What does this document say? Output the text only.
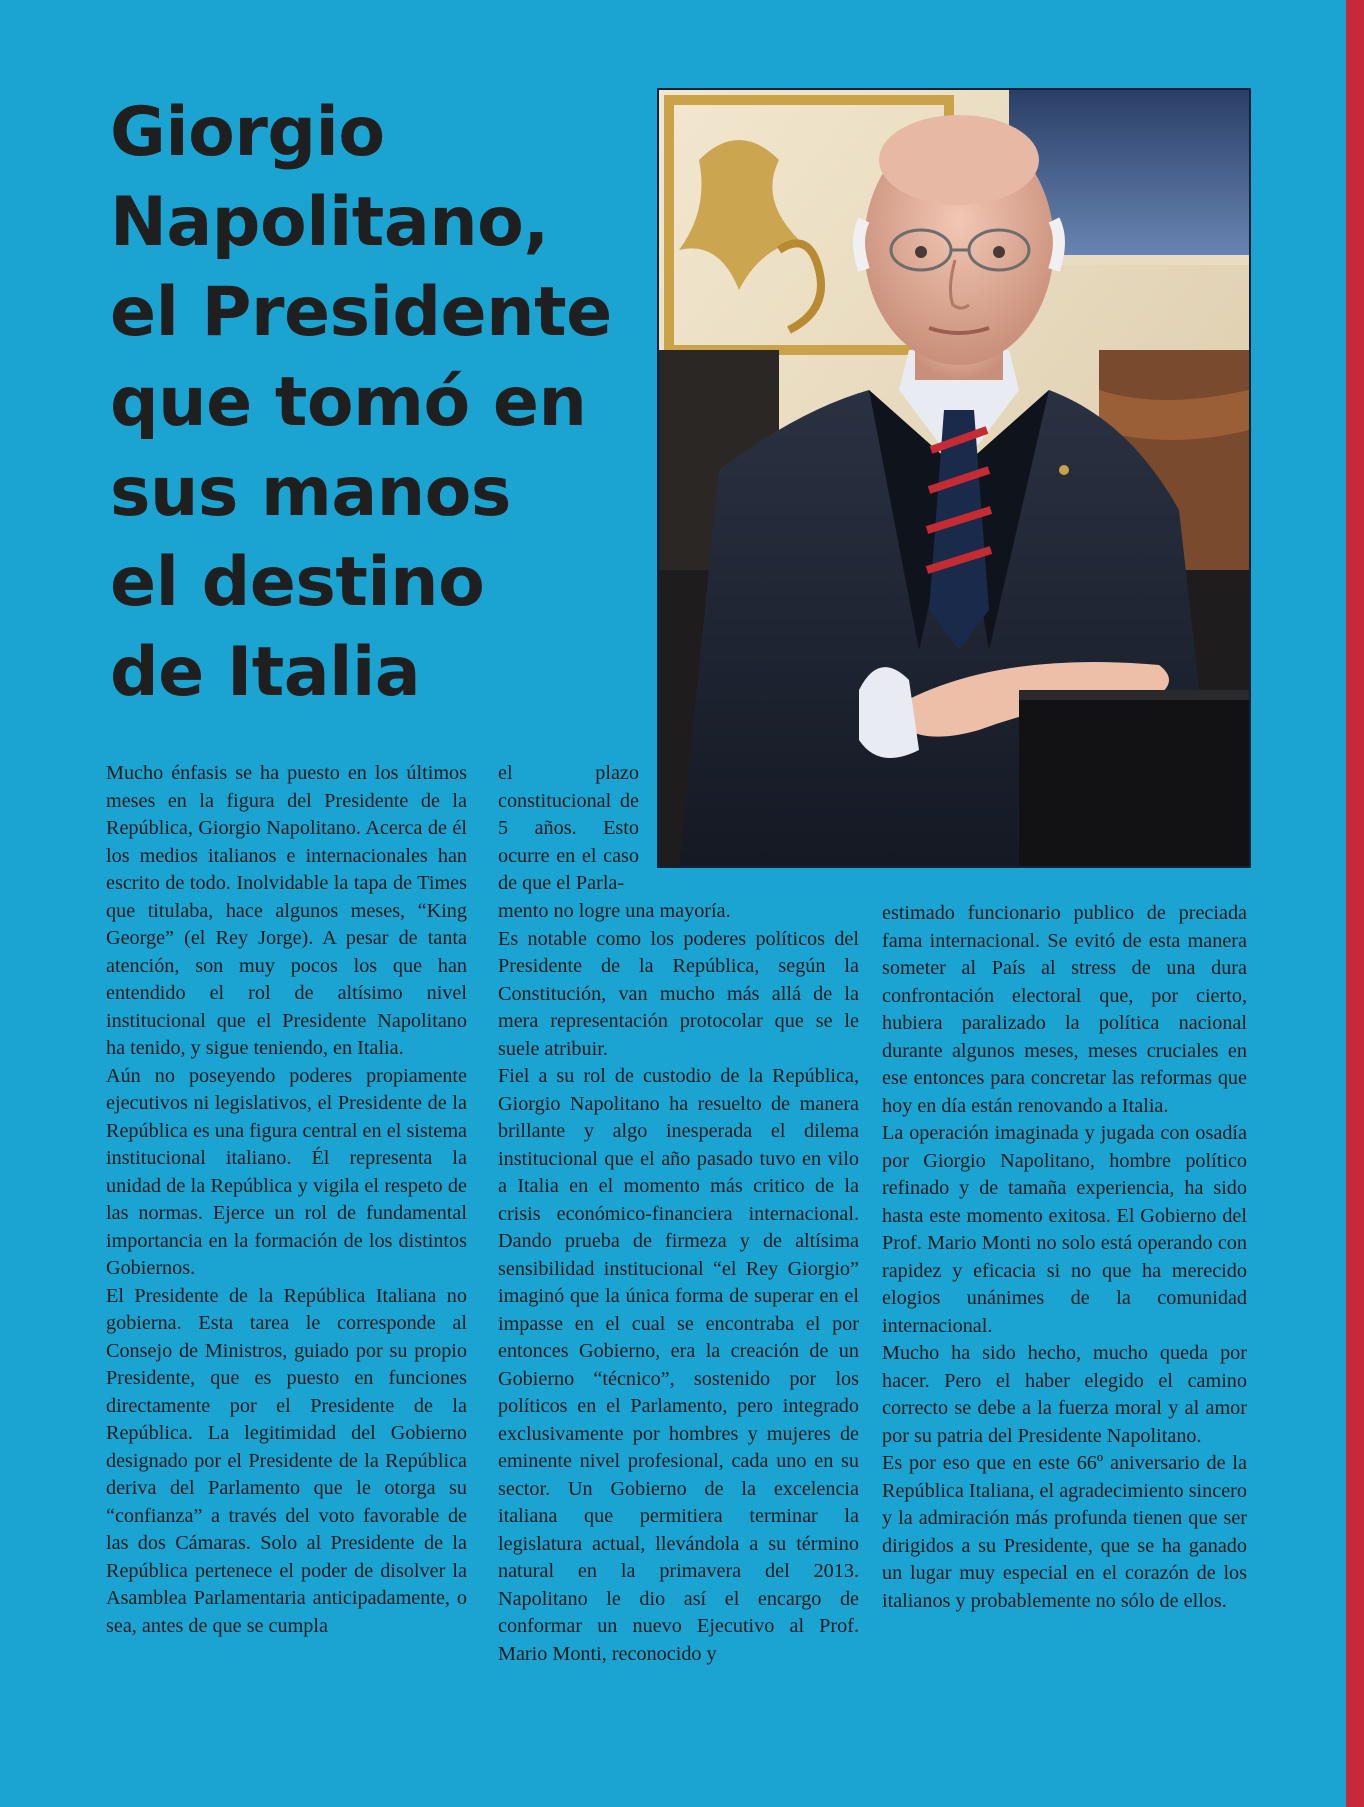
Giorgio
Napolitano,
el Presidente
que tomó en
sus manos
el destino
de Italia

Mucho énfasis se ha puesto en los últimos meses en la figura del Presidente de la República, Giorgio Napolitano. Acerca de él los medios italianos e internacionales han escrito de todo. Inolvidable la tapa de Times que titulaba, hace algunos meses, “King George” (el Rey Jorge). A pesar de tanta atención, son muy pocos los que han entendido el rol de altísimo nivel institucional que el Presidente Napolitano ha tenido, y sigue teniendo, en Italia.

Aún no poseyendo poderes propiamente ejecutivos ni legislativos, el Presidente de la República es una figura central en el sistema institucional italiano. Él representa la unidad de la República y vigila el respeto de las normas. Ejerce un rol de fundamental importancia en la formación de los distintos Gobiernos.

El Presidente de la República Italiana no gobierna. Esta tarea le corresponde al Consejo de Ministros, guiado por su propio Presidente, que es puesto en funciones directamente por el Presidente de la República. La legitimidad del Gobierno designado por el Presidente de la República deriva del Parlamento que le otorga su “confianza” a través del voto favorable de las dos Cámaras. Solo al Presidente de la República pertenece el poder de disolver la Asamblea Parlamentaria anticipadamente, o sea, antes de que se cumpla

el plazo constitucional de 5 años. Esto ocurre en el caso de que el Parla-

mento no logre una mayoría.

Es notable como los poderes políticos del Presidente de la República, según la Constitución, van mucho más allá de la mera representación protocolar que se le suele atribuir.

Fiel a su rol de custodio de la República, Giorgio Napolitano ha resuelto de manera brillante y algo inesperada el dilema institucional que el año pasado tuvo en vilo a Italia en el momento más critico de la crisis económico-financiera internacional. Dando prueba de firmeza y de altísima sensibilidad institucional “el Rey Giorgio” imaginó que la única forma de superar en el impasse en el cual se encontraba el por entonces Gobierno, era la creación de un Gobierno “técnico”, sostenido por los políticos en el Parlamento, pero integrado exclusivamente por hombres y mujeres de eminente nivel profesional, cada uno en su sector. Un Gobierno de la excelencia italiana que permitiera terminar la legislatura actual, llevándola a su término natural en la primavera del 2013. Napolitano le dio así el encargo de conformar un nuevo Ejecutivo al Prof. Mario Monti, reconocido y

estimado funcionario publico de preciada fama internacional. Se evitó de esta manera someter al País al stress de una dura confrontación electoral que, por cierto, hubiera paralizado la política nacional durante algunos meses, meses cruciales en ese entonces para concretar las reformas que hoy en día están renovando a Italia.

La operación imaginada y jugada con osadía por Giorgio Napolitano, hombre político refinado y de tamaña experiencia, ha sido hasta este momento exitosa. El Gobierno del Prof. Mario Monti no solo está operando con rapidez y eficacia si no que ha merecido elogios unánimes de la comunidad internacional.

Mucho ha sido hecho, mucho queda por hacer. Pero el haber elegido el camino correcto se debe a la fuerza moral y al amor por su patria del Presidente Napolitano.

Es por eso que en este 66º aniversario de la República Italiana, el agradecimiento sincero y la admiración más profunda tienen que ser dirigidos a su Presidente, que se ha ganado un lugar muy especial en el corazón de los italianos y probablemente no sólo de ellos.
